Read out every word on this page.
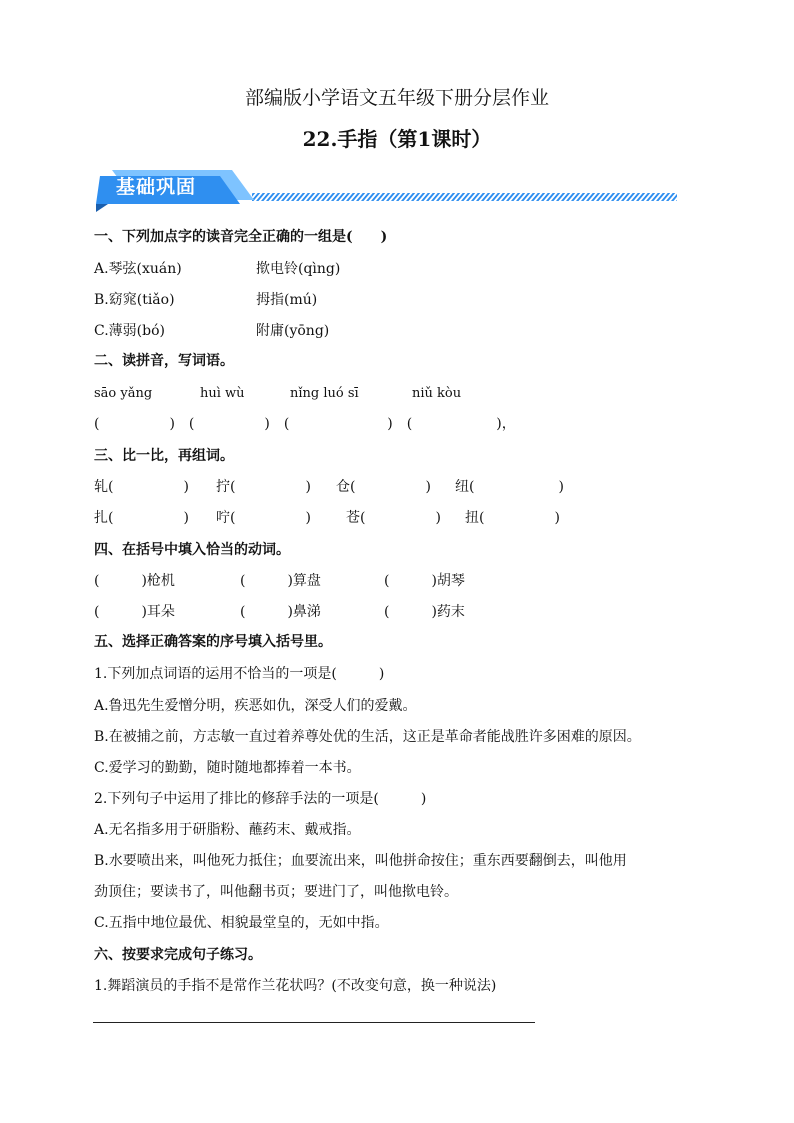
部编版小学语文五年级下册分层作业
22.手指（第1课时）
基础巩固
一、下列加点字的读音完全正确的一组是(　　)
A.琴弦(xuán)	揿电铃(qìng)
B.窈窕(tiǎo)	拇指(mú)
C.薄弱(bó)	附庸(yōng)
二、读拼音，写词语。
sāo yǎng	huì wù	nǐng luó sī	niǔ kòu
(　　　　　)　(　　　　　)　(　　　　　　　)　(　　　　　　)，
三、比一比，再组词。
轧(　　　　　) 拧(　　　　　) 仓(　　　　　) 纽(　　　　　　)
扎(　　　　　) 咛(　　　　　)	苍(　　　　　) 扭(　　　　　)
四、在括号中填入恰当的动词。
(　　　)枪机	(　　　)算盘	(　　　)胡琴
(　　　)耳朵	(　　　)鼻涕	(　　　)药末
五、选择正确答案的序号填入括号里。
1.下列加点词语的运用不恰当的一项是(　　　)
A.鲁迅先生爱憎分明，疾恶如仇，深受人们的爱戴。
B.在被捕之前，方志敏一直过着养尊处优的生活，这正是革命者能战胜许多困难的原因。
C.爱学习的勤勤，随时随地都捧着一本书。
2.下列句子中运用了排比的修辞手法的一项是(　　　)
A.无名指多用于研脂粉、蘸药末、戴戒指。
B.水要喷出来，叫他死力抵住；血要流出来，叫他拼命按住；重东西要翻倒去，叫他用
劲顶住；要读书了，叫他翻书页；要进门了，叫他揿电铃。
C.五指中地位最优、相貌最堂皇的，无如中指。
六、按要求完成句子练习。
1.舞蹈演员的手指不是常作兰花状吗？(不改变句意，换一种说法)
